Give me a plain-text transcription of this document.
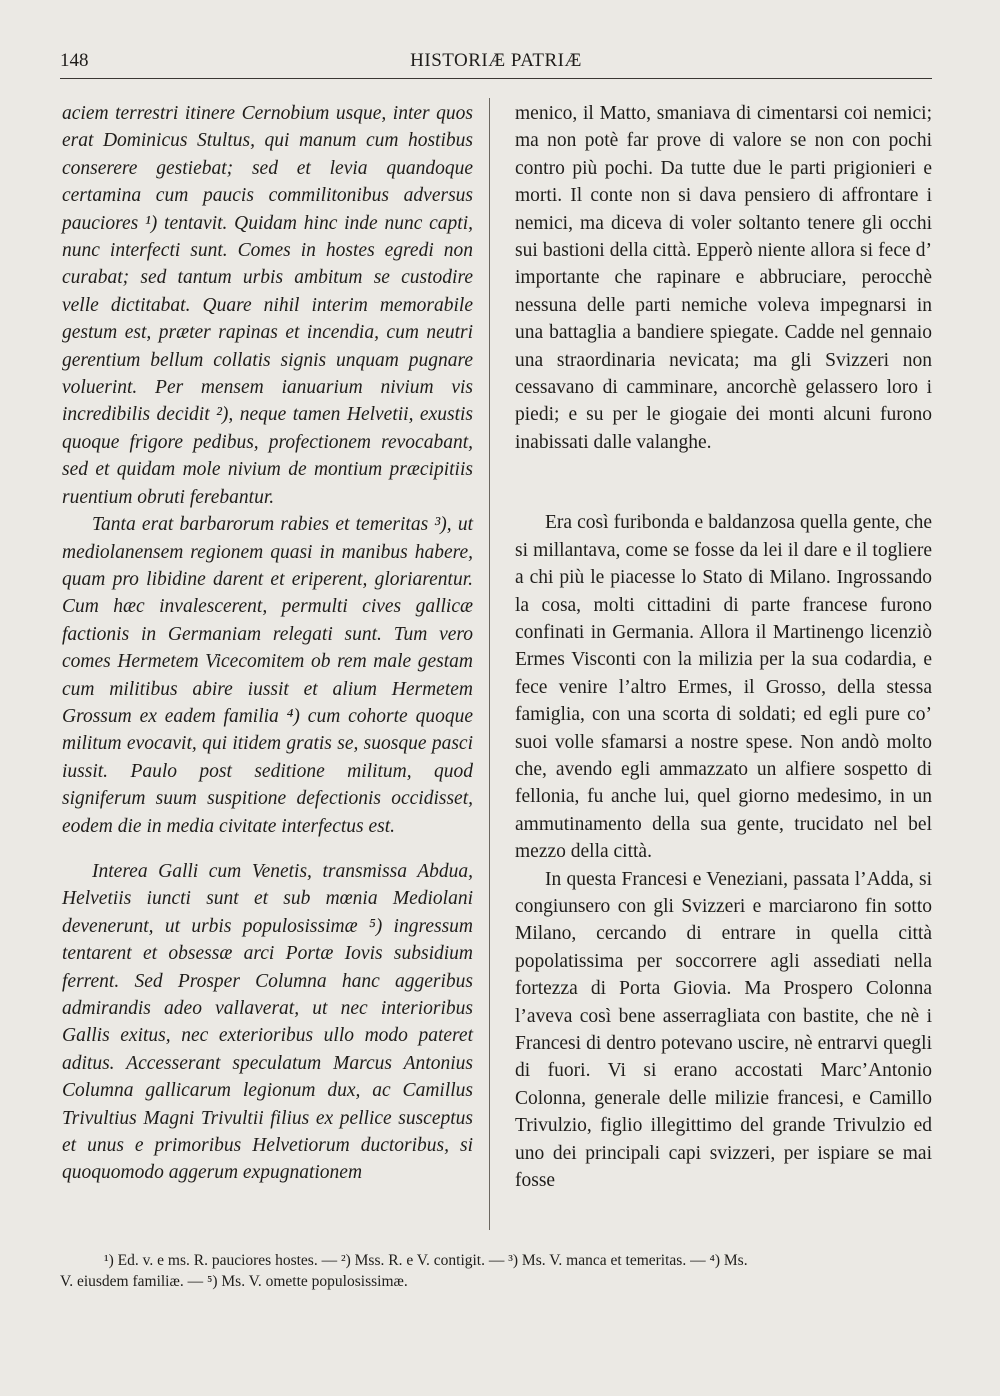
148	HISTORIÆ PATRIÆ

aciem terrestri itinere Cernobium usque, inter quos erat Dominicus Stultus, qui manum cum hostibus conserere gestiebat; sed et levia quandoque certamina cum paucis commilitonibus adversus pauciores ¹) tentavit. Quidam hinc inde nunc capti, nunc interfecti sunt. Comes in hostes egredi non curabat; sed tantum urbis ambitum se custodire velle dictitabat. Quare nihil interim memorabile gestum est, præter rapinas et incendia, cum neutri gerentium bellum collatis signis unquam pugnare voluerint. Per mensem ianuarium nivium vis incredibilis decidit ²), neque tamen Helvetii, exustis quoque frigore pedibus, profectionem revocabant, sed et quidam mole nivium de montium præcipitiis ruentium obruti ferebantur.

Tanta erat barbarorum rabies et temeritas ³), ut mediolanensem regionem quasi in manibus habere, quam pro libidine darent et eriperent, gloriarentur. Cum hæc invalescerent, permulti cives gallicæ factionis in Germaniam relegati sunt. Tum vero comes Hermetem Vicecomitem ob rem male gestam cum militibus abire iussit et alium Hermetem Grossum ex eadem familia ⁴) cum cohorte quoque militum evocavit, qui itidem gratis se, suosque pasci iussit. Paulo post seditione militum, quod signiferum suum suspitione defectionis occidisset, eodem die in media civitate interfectus est.

Interea Galli cum Venetis, transmissa Abdua, Helvetiis iuncti sunt et sub mœnia Mediolani devenerunt, ut urbis populosissimæ ⁵) ingressum tentarent et obsessæ arci Portæ Iovis subsidium ferrent. Sed Prosper Columna hanc aggeribus admirandis adeo vallaverat, ut nec interioribus Gallis exitus, nec exterioribus ullo modo pateret aditus. Accesserant speculatum Marcus Antonius Columna gallicarum legionum dux, ac Camillus Trivultius Magni Trivultii filius ex pellice susceptus et unus e primoribus Helvetiorum ductoribus, si quoquomodo aggerum expugnationem

menico, il Matto, smaniava di cimentarsi coi nemici; ma non potè far prove di valore se non con pochi contro più pochi. Da tutte due le parti prigionieri e morti. Il conte non si dava pensiero di affrontare i nemici, ma diceva di voler soltanto tenere gli occhi sui bastioni della città. Epperò niente allora si fece d’ importante che rapinare e abbruciare, perocchè nessuna delle parti nemiche voleva impegnarsi in una battaglia a bandiere spiegate. Cadde nel gennaio una straordinaria nevicata; ma gli Svizzeri non cessavano di camminare, ancorchè gelassero loro i piedi; e su per le giogaie dei monti alcuni furono inabissati dalle valanghe.

Era così furibonda e baldanzosa quella gente, che si millantava, come se fosse da lei il dare e il togliere a chi più le piacesse lo Stato di Milano. Ingrossando la cosa, molti cittadini di parte francese furono confinati in Germania. Allora il Martinengo licenziò Ermes Visconti con la milizia per la sua codardia, e fece venire l’altro Ermes, il Grosso, della stessa famiglia, con una scorta di soldati; ed egli pure co’ suoi volle sfamarsi a nostre spese. Non andò molto che, avendo egli ammazzato un alfiere sospetto di fellonia, fu anche lui, quel giorno medesimo, in un ammutinamento della sua gente, trucidato nel bel mezzo della città.

In questa Francesi e Veneziani, passata l’Adda, si congiunsero con gli Svizzeri e marciarono fin sotto Milano, cercando di entrare in quella città popolatissima per soccorrere agli assediati nella fortezza di Porta Giovia. Ma Prospero Colonna l’aveva così bene asserragliata con bastite, che nè i Francesi di dentro potevano uscire, nè entrarvi quegli di fuori. Vi si erano accostati Marc’Antonio Colonna, generale delle milizie francesi, e Camillo Trivulzio, figlio illegittimo del grande Trivulzio ed uno dei principali capi svizzeri, per ispiare se mai fosse

¹) Ed. v. e ms. R. pauciores hostes. — ²) Mss. R. e V. contigit. — ³) Ms. V. manca et temeritas. — ⁴) Ms.

V. eiusdem familiæ. — ⁵) Ms. V. omette populosissimæ.
